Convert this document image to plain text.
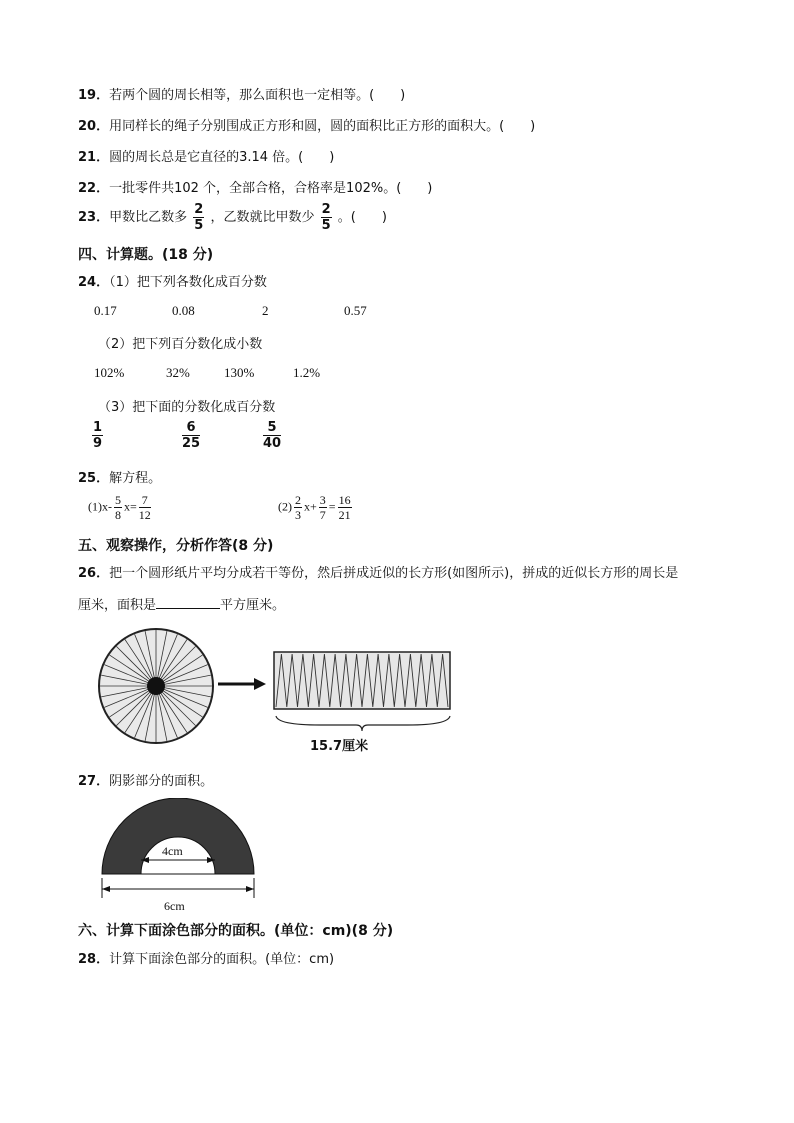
19．若两个圆的周长相等，那么面积也一定相等。(　　)
20．用同样长的绳子分别围成正方形和圆，圆的面积比正方形的面积大。(　　)
21．圆的周长总是它直径的3.14 倍。(　　)
22．一批零件共102 个，全部合格，合格率是102%。(　　)
23．甲数比乙数多 $\frac{2}{5}$ ，乙数就比甲数少 $\frac{2}{5}$ 。(　　)
四、计算题。(18 分)
24．（1）把下列各数化成百分数
0.17	0.08	2	0.57
（2）把下列百分数化成小数
102%	32%	130%	1.2%
（3）把下面的分数化成百分数
$\frac{1}{9}$	$\frac{6}{25}$	$\frac{5}{40}$
25．解方程。
$(1)x- \frac{5}{8} x= \frac{7}{12}$	$(2) \frac{2}{3} x+ \frac{3}{7} = \frac{16}{21}$
五、观察操作，分析作答(8 分)
26．把一个圆形纸片平均分成若干等份，然后拼成近似的长方形(如图所示)，拼成的近似长方形的周长是
厘米，面积是	平方厘米。
15.7厘米
27．阴影部分的面积。
4cm
6cm
六、计算下面涂色部分的面积。(单位：cm)(8 分)
28．计算下面涂色部分的面积。(单位：cm)
